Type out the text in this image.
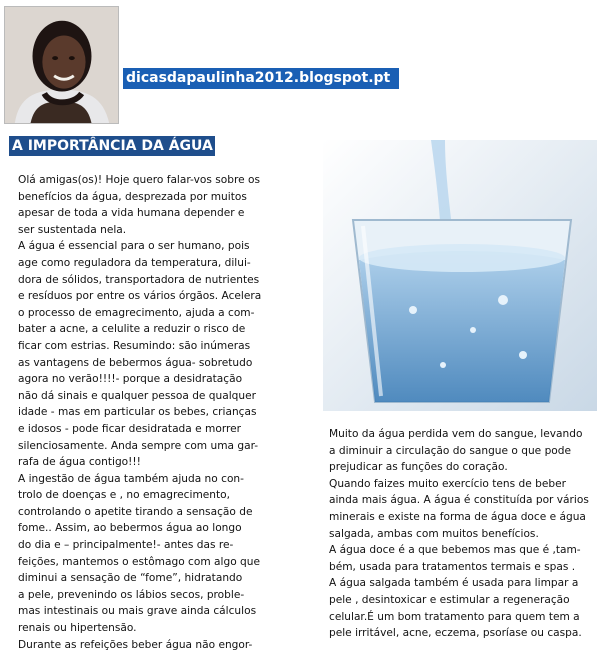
dicasdapaulinha2012.blogspot.pt
A IMPORTÂNCIA DA ÁGUA
Olá amigas(os)! Hoje quero falar-vos sobre os
benefícios da água, desprezada por muitos
apesar de toda a vida humana depender e
ser sustentada nela.
A água é essencial para o ser humano, pois
age como reguladora da temperatura, dilui-
dora de sólidos, transportadora de nutrientes
e resíduos por entre os vários órgãos. Acelera
o processo de emagrecimento, ajuda a com-
bater a acne, a celulite a reduzir o risco de
ficar com estrias. Resumindo: são inúmeras
as vantagens de bebermos água- sobretudo
agora no verão!!!!- porque a desidratação
não dá sinais e qualquer pessoa de qualquer
idade - mas em particular os bebes, crianças
e idosos - pode ficar desidratada e morrer
silenciosamente. Anda sempre com uma gar-
rafa de água contigo!!!
A ingestão de água também ajuda no con-
trolo de doenças e , no emagrecimento,
controlando o apetite tirando a sensação de
fome.. Assim, ao bebermos água ao longo
do dia e – principalmente!- antes das re-
feições, mantemos o estômago com algo que
diminui a sensação de “fome”, hidratando
a pele, prevenindo os lábios secos, proble-
mas intestinais ou mais grave ainda cálculos
renais ou hipertensão.
Durante as refeições beber água não engor-
Muito da água perdida vem do sangue, levando
a diminuir a circulação do sangue o que pode
prejudicar as funções do coração.
Quando faizes muito exercício tens de beber
ainda mais água. A água é constituída por vários
minerais e existe na forma de água doce e água
salgada, ambas com muitos benefícios.
A água doce é a que bebemos mas que é ,tam-
bém, usada para tratamentos termais e spas .
A água salgada também é usada para limpar a
pele , desintoxicar e estimular a regeneração
celular.É um bom tratamento para quem tem a
pele irritável, acne, eczema, psoríase ou caspa.
